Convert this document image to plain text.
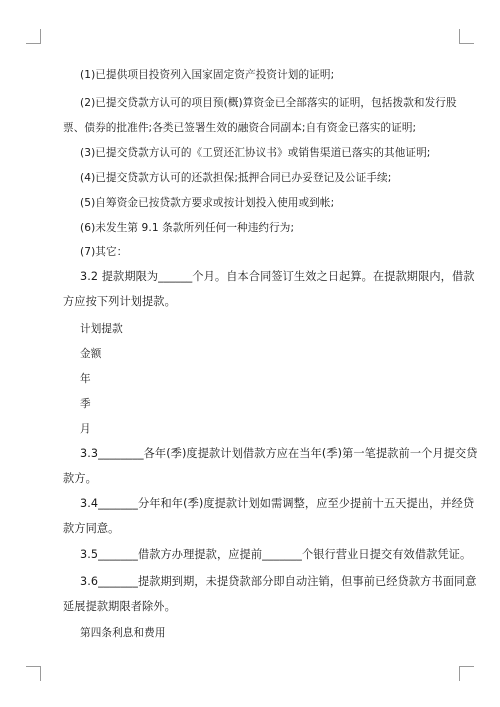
(1)已提供项目投资列入国家固定资产投资计划的证明;
(2)已提交贷款方认可的项目预(概)算资金已全部落实的证明，包括拨款和发行股
票、债券的批准件;各类已签署生效的融资合同副本;自有资金已落实的证明;
(3)已提交贷款方认可的《工贸还汇协议书》或销售渠道已落实的其他证明;
(4)已提交贷款方认可的还款担保;抵押合同已办妥登记及公证手续;
(5)自筹资金已按贷款方要求或按计划投入使用或到帐;
(6)未发生第 9.1 条款所列任何一种违约行为;
(7)其它：
3.2 提款期限为______个月。自本合同签订生效之日起算。在提款期限内，借款
方应按下列计划提款。
计划提款
金额
年
季
月
3.3________各年(季)度提款计划借款方应在当年(季)第一笔提款前一个月提交贷
款方。
3.4_______分年和年(季)度提款计划如需调整，应至少提前十五天提出，并经贷
款方同意。
3.5_______借款方办理提款，应提前_______个银行营业日提交有效借款凭证。
3.6_______提款期到期，未提贷款部分即自动注销，但事前已经贷款方书面同意
延展提款期限者除外。
第四条利息和费用
